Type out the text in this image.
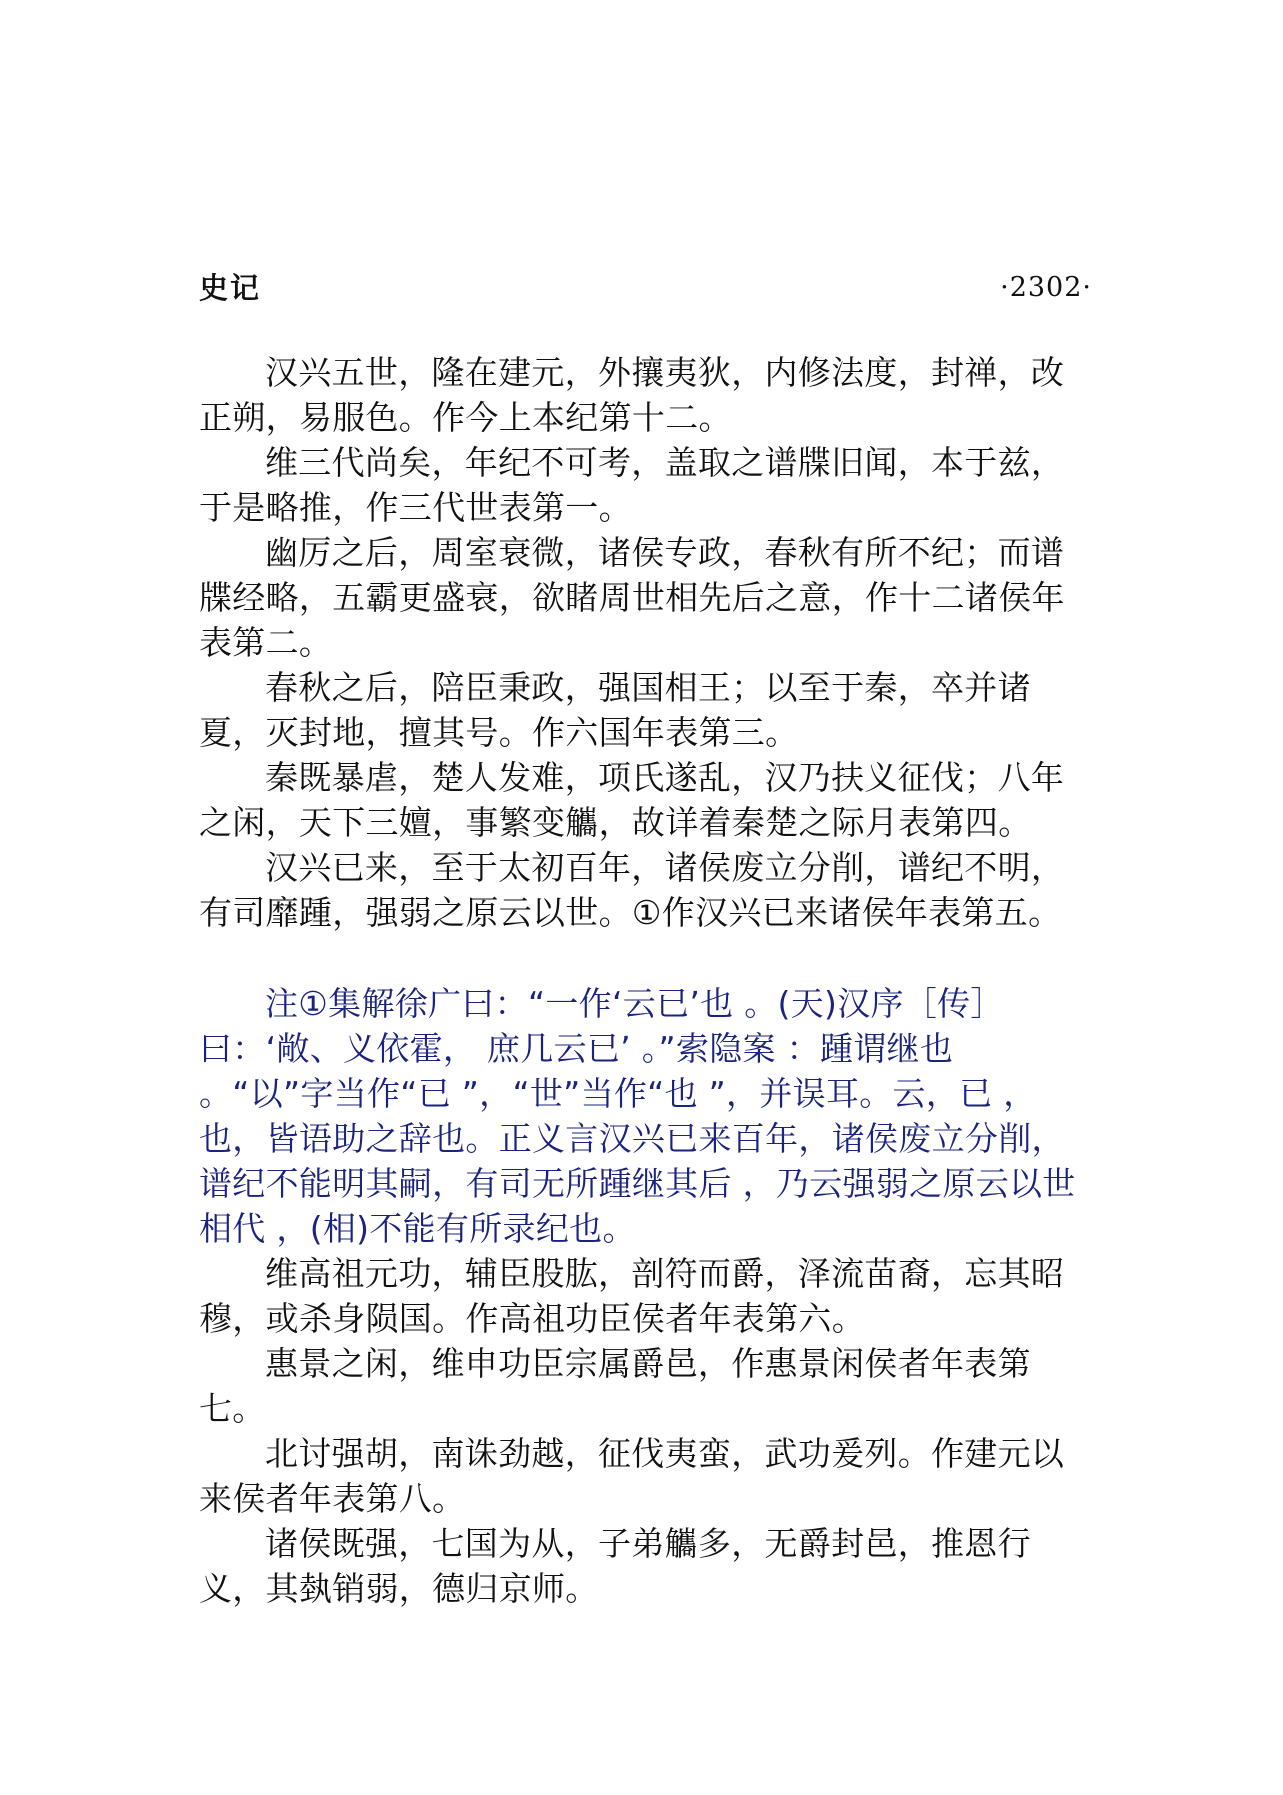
史记	·2302·

汉兴五世，隆在建元，外攘夷狄，内修法度，封禅，改正朔，易服色。作今上本纪第十二。

维三代尚矣，年纪不可考，盖取之谱牒旧闻，本于兹，于是略推，作三代世表第一。

幽厉之后，周室衰微，诸侯专政，春秋有所不纪；而谱牒经略，五霸更盛衰，欲睹周世相先后之意，作十二诸侯年表第二。

春秋之后，陪臣秉政，强国相王；以至于秦，卒并诸夏，灭封地，擅其号。作六国年表第三。

秦既暴虐，楚人发难，项氏遂乱，汉乃扶义征伐；八年之闲，天下三嬗，事繁变觿，故详着秦楚之际月表第四。

汉兴已来，至于太初百年，诸侯废立分削，谱纪不明，有司靡踵，强弱之原云以世。①作汉兴已来诸侯年表第五。

注①集解徐广曰：“一作‘云已’也 。(天)汉序［传］曰：‘敞、义依霍， 庶几云已’ 。”索隐案 ：踵谓继也 。“以”字当作“已 ”，“世”当作“也 ”，并误耳。云，已 ，也，皆语助之辞也。正义言汉兴已来百年，诸侯废立分削，谱纪不能明其嗣，有司无所踵继其后 ，乃云强弱之原云以世相代 ，(相)不能有所录纪也。

维高祖元功，辅臣股肱，剖符而爵，泽流苗裔，忘其昭穆，或杀身陨国。作高祖功臣侯者年表第六。

惠景之闲，维申功臣宗属爵邑，作惠景闲侯者年表第七。

北讨强胡，南诛劲越，征伐夷蛮，武功爰列。作建元以来侯者年表第八。

诸侯既强，七国为从，子弟觿多，无爵封邑，推恩行义，其埶销弱，德归京师。
